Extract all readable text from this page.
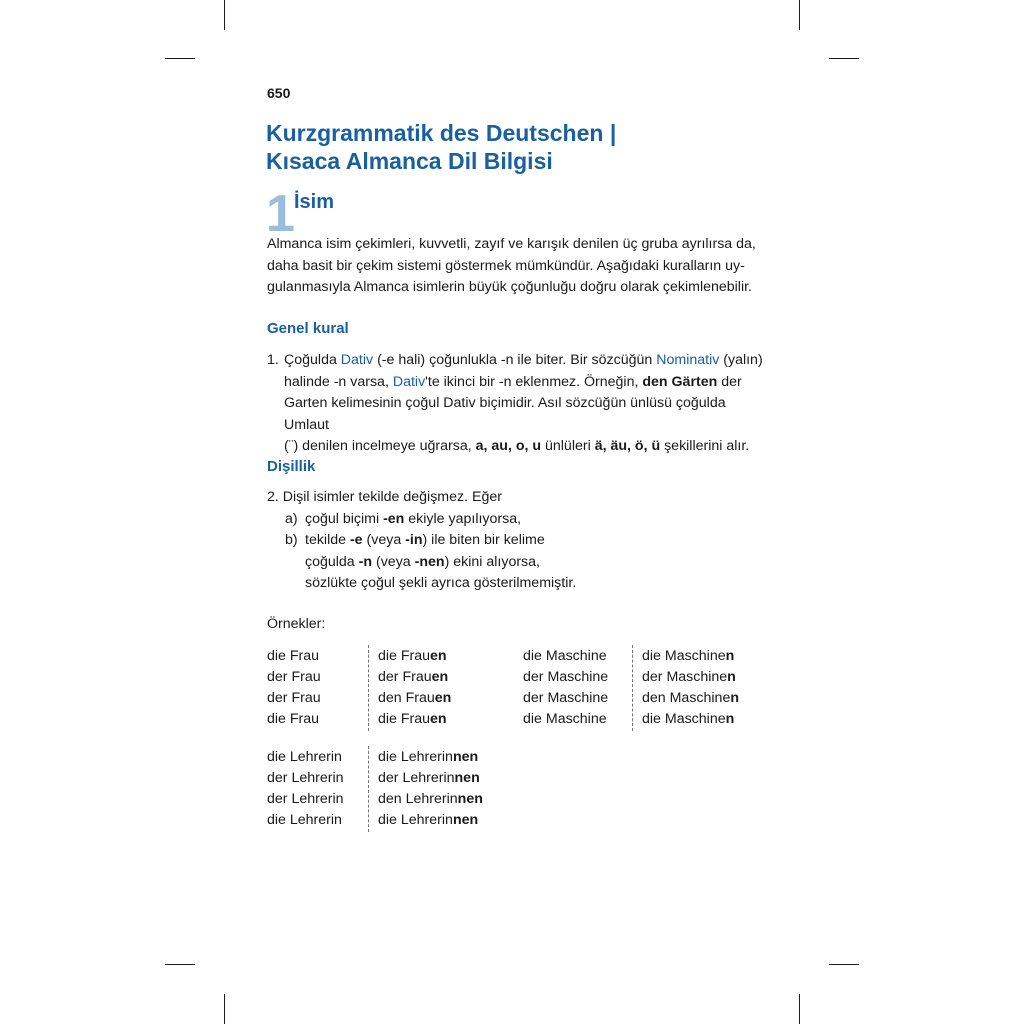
650
Kurzgrammatik des Deutschen |
Kısaca Almanca Dil Bilgisi
1 İsim
Almanca isim çekimleri, kuvvetli, zayıf ve karışık denilen üç gruba ayrılırsa da,
daha basit bir çekim sistemi göstermek mümkündür. Aşağıdaki kuralların uy-
gulanmasıyla Almanca isimlerin büyük çoğunluğu doğru olarak çekimlenebilir.
Genel kural
1. Çoğulda Dativ (-e hali) çoğunlukla -n ile biter. Bir sözcüğün Nominativ (yalın)
halinde -n varsa, Dativ'te ikinci bir -n eklenmez. Örneğin, den Gärten der
Garten kelimesinin çoğul Dativ biçimidir. Asıl sözcüğün ünlüsü çoğulda Umlaut
(¨) denilen incelmeye uğrarsa, a, au, o, u ünlüleri ä, äu, ö, ü şekillerini alır.
Dişillik
2. Dişil isimler tekilde değişmez. Eğer
a) çoğul biçimi -en ekiyle yapılıyorsa,
b) tekilde -e (veya -in) ile biten bir kelime
çoğulda -n (veya -nen) ekini alıyorsa,
sözlükte çoğul şekli ayrıca gösterilmemiştir.
Örnekler:
die Frau
der Frau
der Frau
die Frau
die Frauen
der Frauen
den Frauen
die Frauen
die Maschine
der Maschine
der Maschine
die Maschine
die Maschinen
der Maschinen
den Maschinen
die Maschinen
die Lehrerin
der Lehrerin
der Lehrerin
die Lehrerin
die Lehrerinnen
der Lehrerinnen
den Lehrerinnen
die Lehrerinnen
